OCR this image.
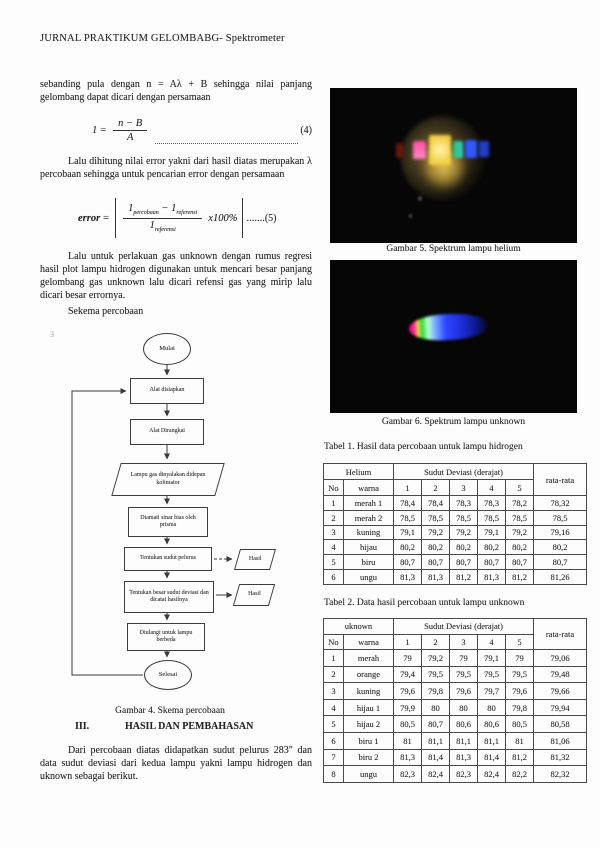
JURNAL PRAKTIKUM GELOMBABG- Spektrometer
sebanding pula dengan n = Aλ + B sehingga nilai panjang gelombang dapat dicari dengan persamaan
$1 = \frac{n - B}{A}$	(4)
Lalu dihitung nilai error yakni dari hasil diatas merupakan λ percobaan sehingga untuk pencarian error dengan persamaan
error = $\frac{1_{percobaan} - 1_{referensi}}{1_{referensi}} x100\%$ ....... (5)
Lalu untuk perlakuan gas unknown dengan rumus regresi hasil plot lampu hidrogen digunakan untuk mencari besar panjang gelombang gas unknown lalu dicari refensi gas yang mirip lalu dicari besar errornya.
Sekema percobaan
3
Mulai
Alat disiapkan
Alat Dirangkai
Lampu gas dinyalakan didepan kolimator
Diamati sinar bias oleh prisma
Tentukan sudut pelurus	Hasil
Tentukan besar sudut deviasi dan dicatat hasilnya
Hasil
Diulangi untuk lampu berbeda
Selesai
Gambar 4. Skema percobaan
III.	HASIL DAN PEMBAHASAN
Dari percobaan diatas didapatkan sudut pelurus 283" dan data sudut deviasi dari kedua lampu yakni lampu hidrogen dan uknown sebagai berikut.
Gambar 5. Spektrum lampu helium
Gambar 6. Spektrum lampu unknown
Tabel 1. Hasil data percobaan untuk lampu hidrogen
Helium		Sudut Deviasi (derajat)					rata-rata
No	warna	1	2	3	4	5	
1	merah 1	78,4	78,4	78,3	78,3	78,2	78,32
2	merah 2	78,5	78,5	78,5	78,5	78,5	78,5
3	kuning	79,1	79,2	79,2	79,1	79,2	79,16
4	hijau	80,2	80,2	80,2	80,2	80,2	80,2
5	biru	80,7	80,7	80,7	80,7	80,7	80,7
6	ungu	81,3	81,3	81,2	81,3	81,2	81,26
Tabel 2. Data hasil percobaan untuk lampu unknown
uknown		Sudut Deviasi (derajat)					rata-rata
No	warna	1	2	3	4	5	
1	merah	79	79,2	79	79,1	79	79,06
2	orange	79,4	79,5	79,5	79,5	79,5	79,48
3	kuning	79,6	79,8	79,6	79,7	79,6	79,66
4	hijau 1	79,9	80	80	80	79,8	79,94
5	hijau 2	80,5	80,7	80,6	80,6	80,5	80,58
6	biru 1	81	81,1	81,1	81,1	81	81,06
7	biru 2	81,3	81,4	81,3	81,4	81,2	81,32
8	ungu	82,3	82,4	82,3	82,4	82,2	82,32
